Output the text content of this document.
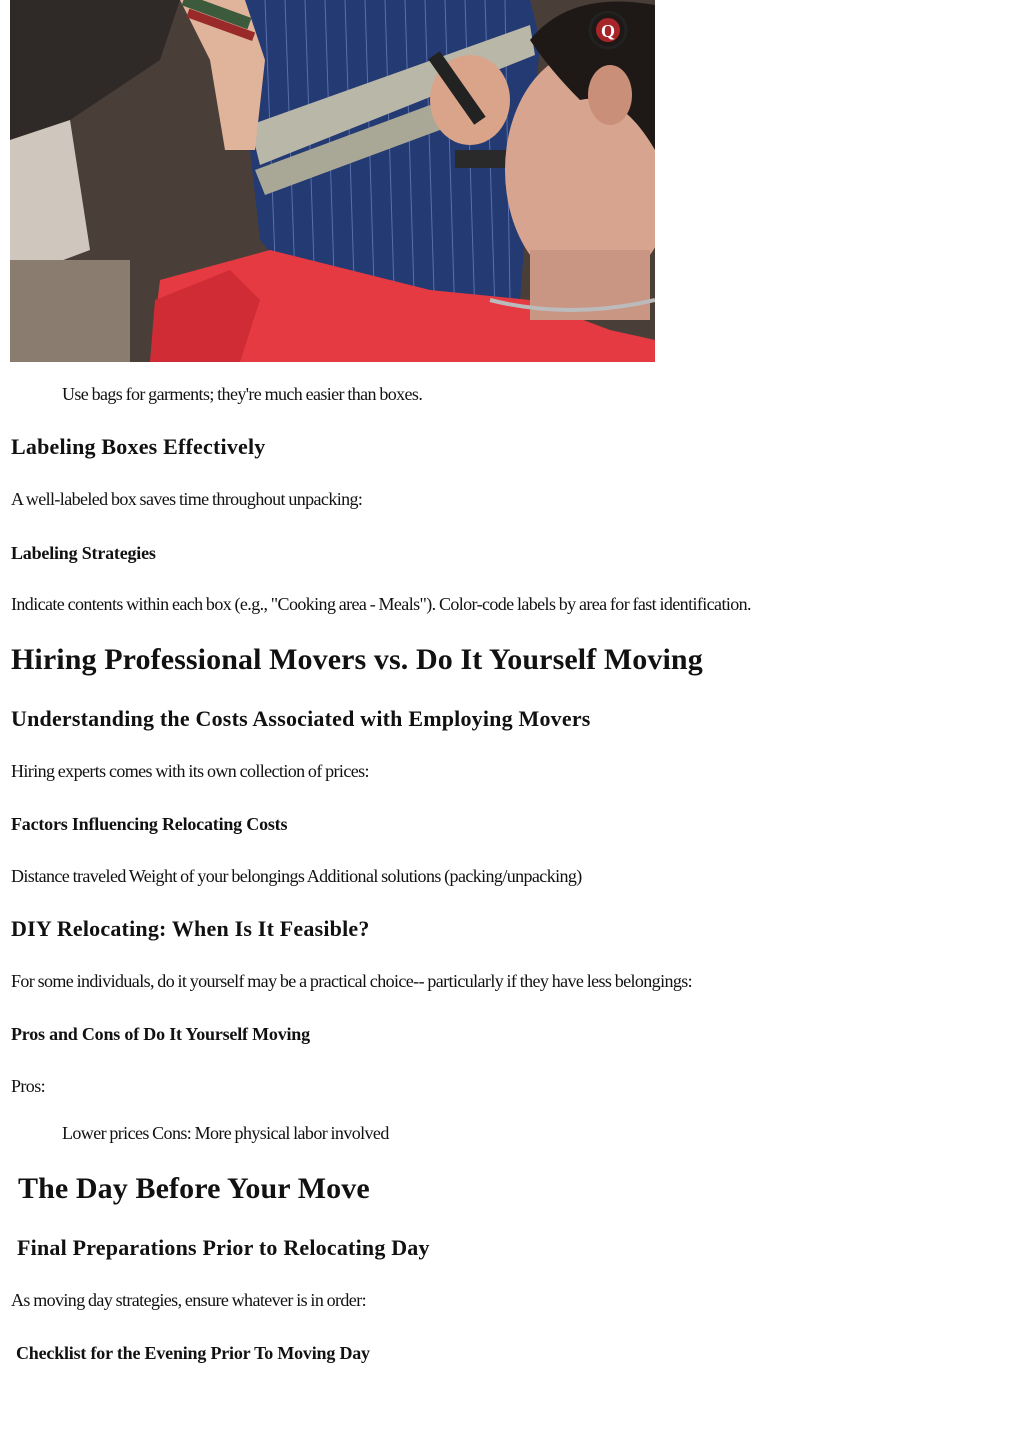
Q

Use bags for garments; they're much easier than boxes.

Labeling Boxes Effectively

A well-labeled box saves time throughout unpacking:

Labeling Strategies

Indicate contents within each box (e.g., "Cooking area - Meals"). Color-code labels by area for fast identification.

Hiring Professional Movers vs. Do It Yourself Moving
Understanding the Costs Associated with Employing Movers

Hiring experts comes with its own collection of prices:

Factors Influencing Relocating Costs

Distance traveled Weight of your belongings Additional solutions (packing/unpacking)

DIY Relocating: When Is It Feasible?

For some individuals, do it yourself may be a practical choice-- particularly if they have less belongings:

Pros and Cons of Do It Yourself Moving

Pros:

Lower prices Cons: More physical labor involved

The Day Before Your Move
Final Preparations Prior to Relocating Day

As moving day strategies, ensure whatever is in order:

Checklist for the Evening Prior To Moving Day
